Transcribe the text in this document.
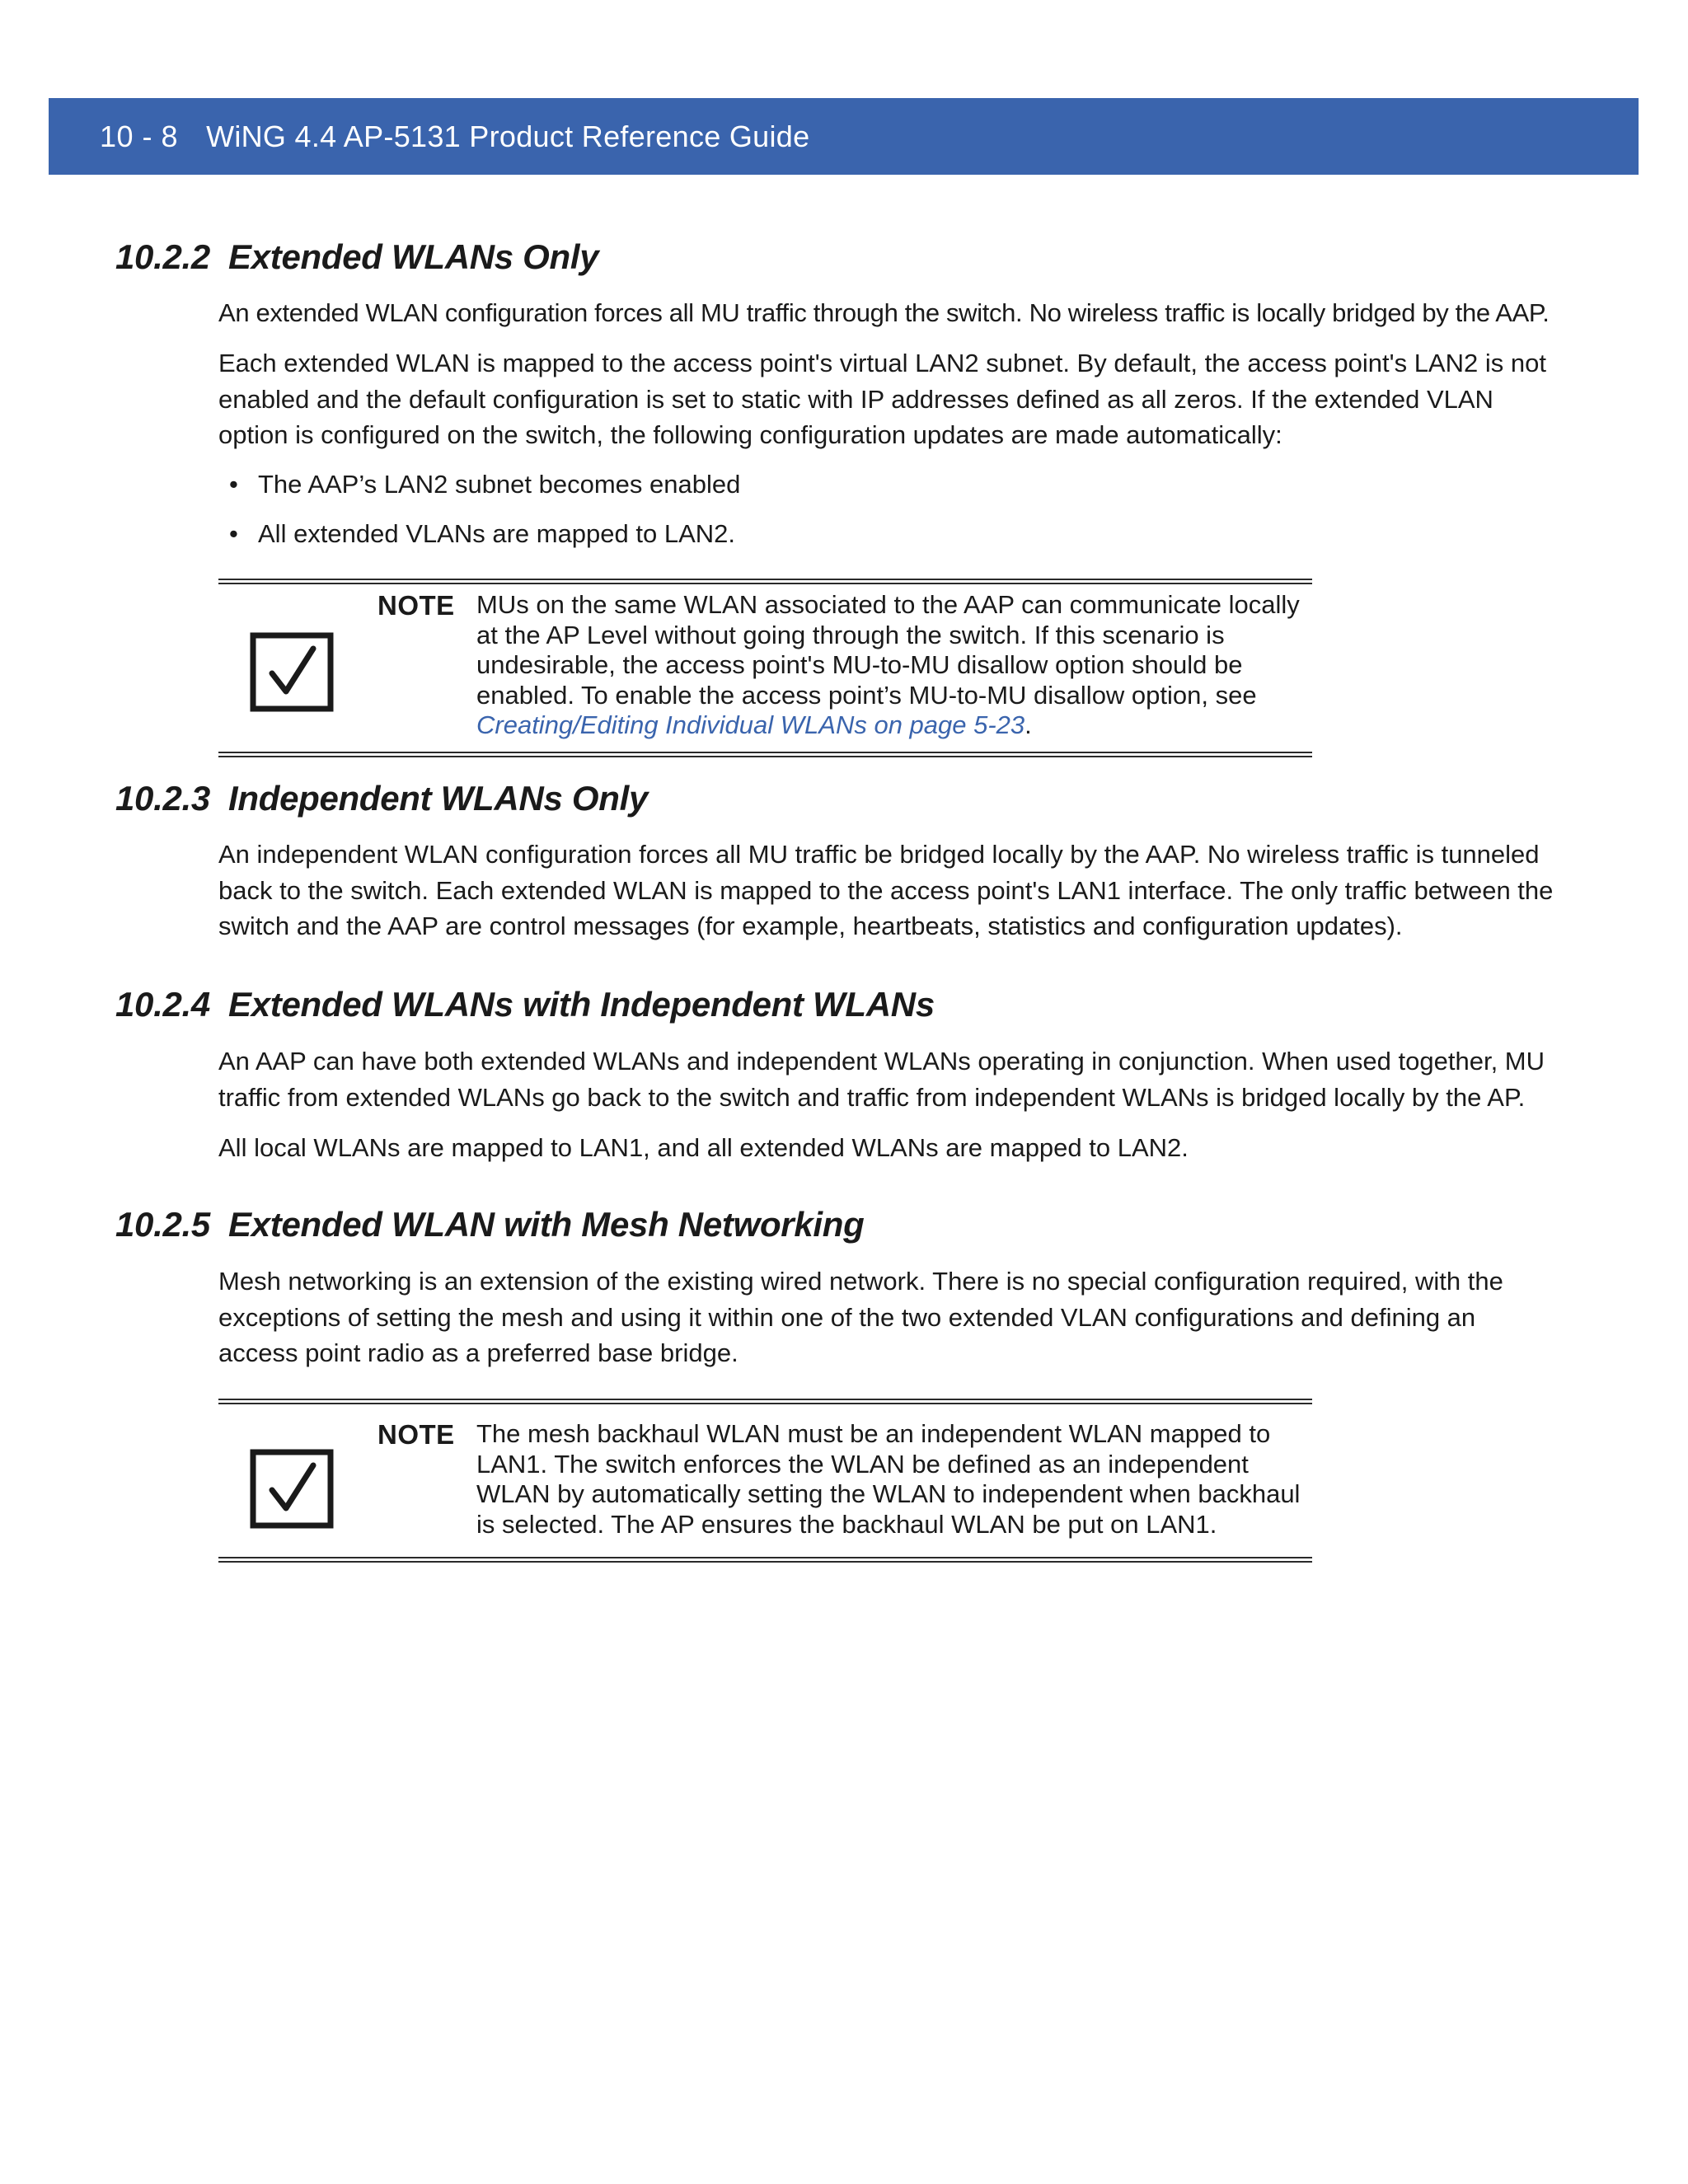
10 - 8 WiNG 4.4 AP-5131 Product Reference Guide
10.2.2 Extended WLANs Only

An extended WLAN configuration forces all MU traffic through the switch. No wireless traffic is locally bridged by the AAP.

Each extended WLAN is mapped to the access point's virtual LAN2 subnet. By default, the access point's LAN2 is not enabled and the default configuration is set to static with IP addresses defined as all zeros. If the extended VLAN option is configured on the switch, the following configuration updates are made automatically:

• The AAP’s LAN2 subnet becomes enabled

• All extended VLANs are mapped to LAN2.

NOTE MUs on the same WLAN associated to the AAP can communicate locally at the AP Level without going through the switch. If this scenario is undesirable, the access point's MU-to-MU disallow option should be enabled. To enable the access point’s MU-to-MU disallow option, see Creating/Editing Individual WLANs on page 5-23.

10.2.3 Independent WLANs Only

An independent WLAN configuration forces all MU traffic be bridged locally by the AAP. No wireless traffic is tunneled back to the switch. Each extended WLAN is mapped to the access point's LAN1 interface. The only traffic between the switch and the AAP are control messages (for example, heartbeats, statistics and configuration updates).

10.2.4 Extended WLANs with Independent WLANs

An AAP can have both extended WLANs and independent WLANs operating in conjunction. When used together, MU traffic from extended WLANs go back to the switch and traffic from independent WLANs is bridged locally by the AP.

All local WLANs are mapped to LAN1, and all extended WLANs are mapped to LAN2.

10.2.5 Extended WLAN with Mesh Networking

Mesh networking is an extension of the existing wired network. There is no special configuration required, with the exceptions of setting the mesh and using it within one of the two extended VLAN configurations and defining an access point radio as a preferred base bridge.

NOTE The mesh backhaul WLAN must be an independent WLAN mapped to LAN1. The switch enforces the WLAN be defined as an independent WLAN by automatically setting the WLAN to independent when backhaul is selected. The AP ensures the backhaul WLAN be put on LAN1.
